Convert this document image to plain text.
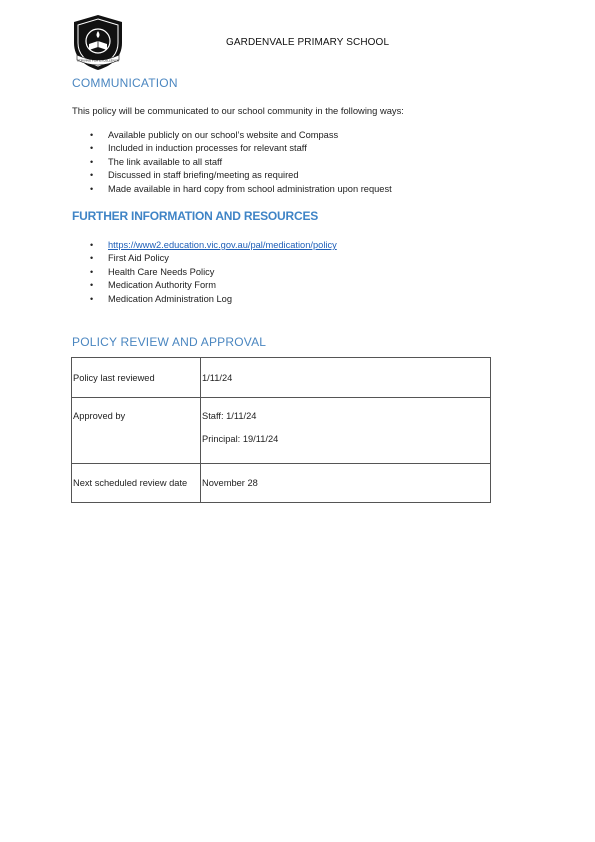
STRIVING FOR EXCELLENCE
GARDENVALE PRIMARY SCHOOL
COMMUNICATION
This policy will be communicated to our school community in the following ways:
• Available publicly on our school’s website and Compass
• Included in induction processes for relevant staff
• The link available to all staff
• Discussed in staff briefing/meeting as required
• Made available in hard copy from school administration upon request
FURTHER INFORMATION AND RESOURCES
• https://www2.education.vic.gov.au/pal/medication/policy
• First Aid Policy
• Health Care Needs Policy
• Medication Authority Form
• Medication Administration Log
POLICY REVIEW AND APPROVAL
Policy last reviewed	1/11/24

Approved by	Staff: 1/11/24
Principal: 19/11/24

Next scheduled review date	November 28
